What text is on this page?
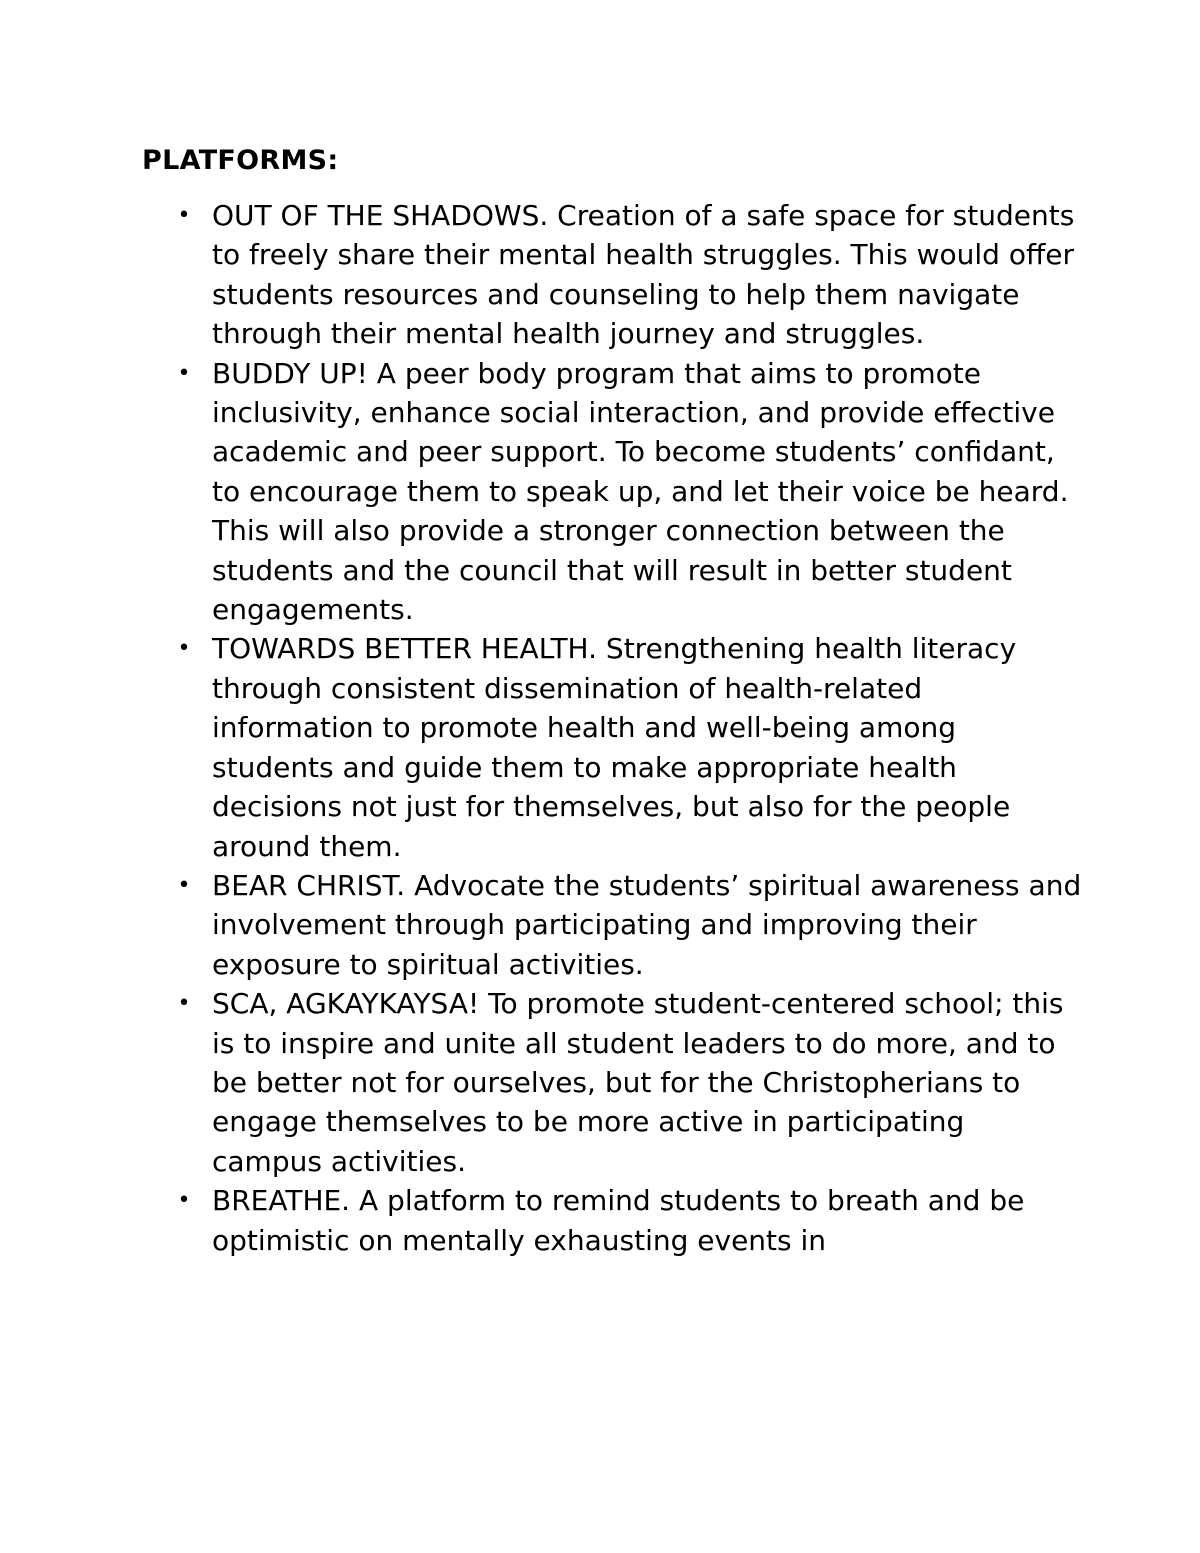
PLATFORMS:
• OUT OF THE SHADOWS. Creation of a safe space for students to freely share their mental health struggles. This would offer students resources and counseling to help them navigate through their mental health journey and struggles.
• BUDDY UP! A peer body program that aims to promote inclusivity, enhance social interaction, and provide effective academic and peer support. To become students’ confidant, to encourage them to speak up, and let their voice be heard. This will also provide a stronger connection between the students and the council that will result in better student engagements.
• TOWARDS BETTER HEALTH. Strengthening health literacy through consistent dissemination of health-related information to promote health and well-being among students and guide them to make appropriate health decisions not just for themselves, but also for the people around them.
• BEAR CHRIST. Advocate the students’ spiritual awareness and involvement through participating and improving their exposure to spiritual activities.
• SCA, AGKAYKAYSA! To promote student-centered school; this is to inspire and unite all student leaders to do more, and to be better not for ourselves, but for the Christopherians to engage themselves to be more active in participating campus activities.
• BREATHE. A platform to remind students to breath and be optimistic on mentally exhausting events in
